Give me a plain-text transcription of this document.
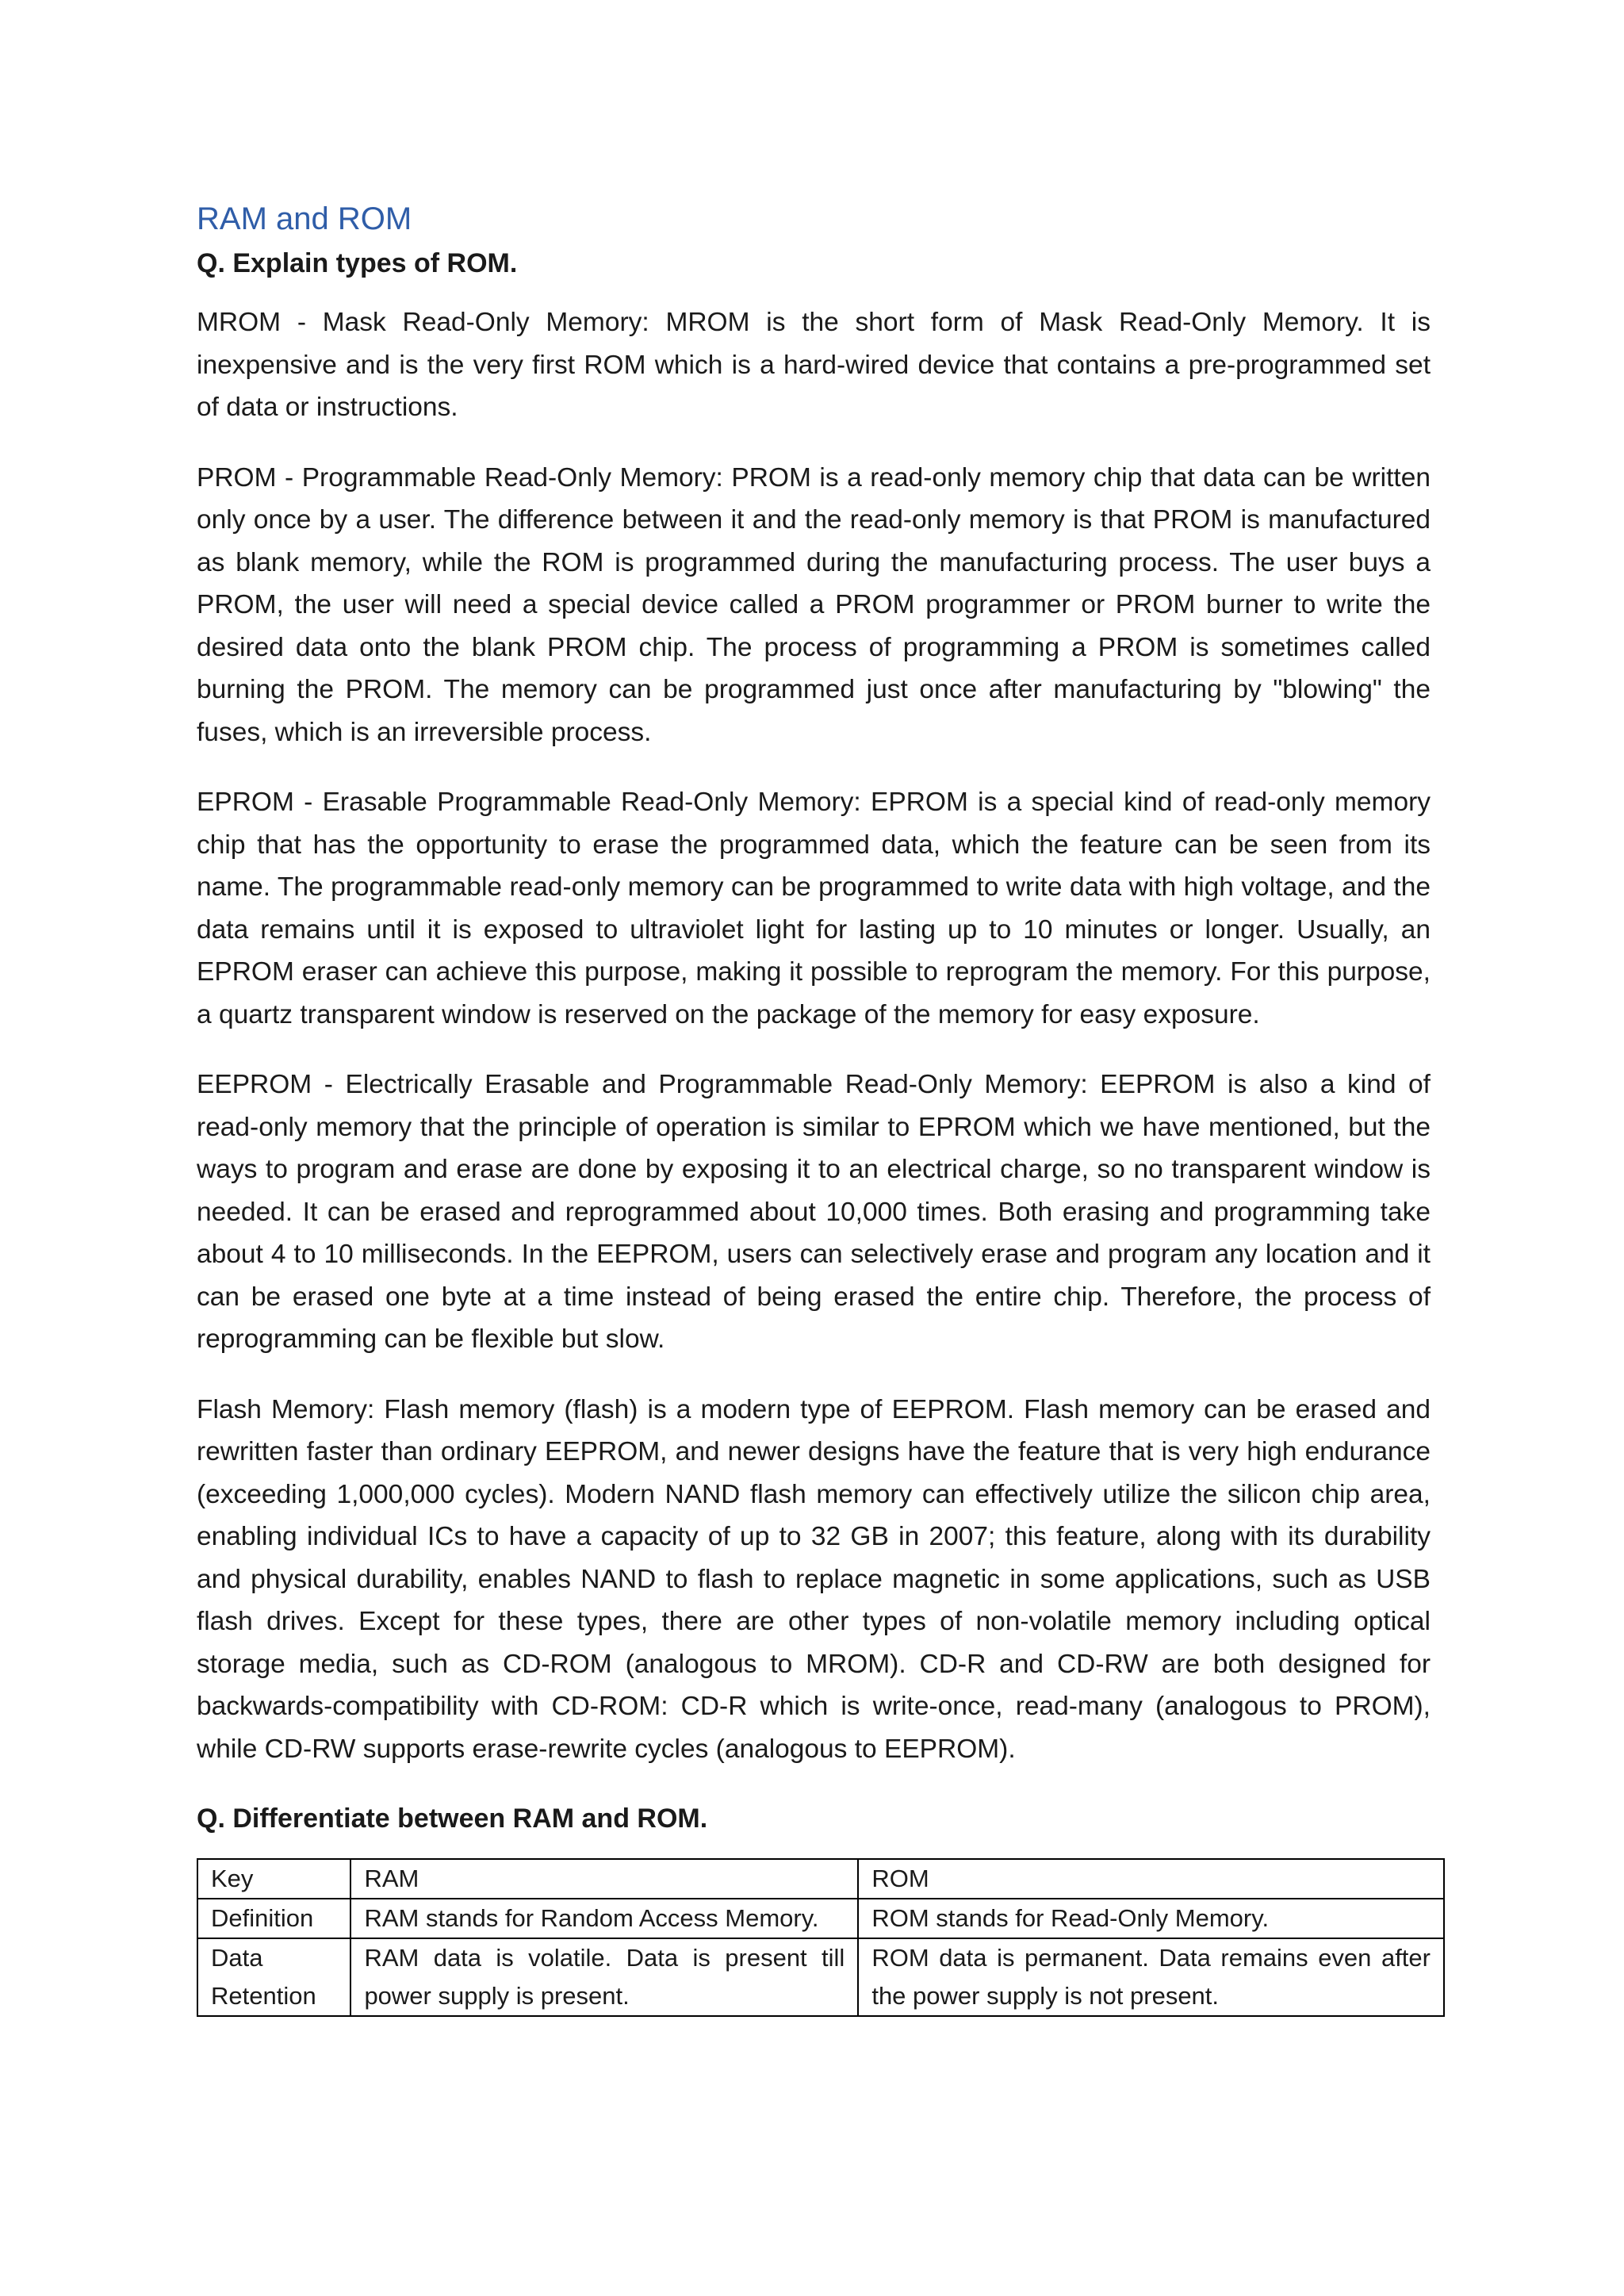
RAM and ROM

Q. Explain types of ROM.

MROM - Mask Read-Only Memory: MROM is the short form of Mask Read-Only Memory. It is inexpensive and is the very first ROM which is a hard-wired device that contains a pre-programmed set of data or instructions.

PROM - Programmable Read-Only Memory: PROM is a read-only memory chip that data can be written only once by a user. The difference between it and the read-only memory is that PROM is manufactured as blank memory, while the ROM is programmed during the manufacturing process. The user buys a PROM, the user will need a special device called a PROM programmer or PROM burner to write the desired data onto the blank PROM chip. The process of programming a PROM is sometimes called burning the PROM. The memory can be programmed just once after manufacturing by "blowing" the fuses, which is an irreversible process.

EPROM - Erasable Programmable Read-Only Memory: EPROM is a special kind of read-only memory chip that has the opportunity to erase the programmed data, which the feature can be seen from its name. The programmable read-only memory can be programmed to write data with high voltage, and the data remains until it is exposed to ultraviolet light for lasting up to 10 minutes or longer. Usually, an EPROM eraser can achieve this purpose, making it possible to reprogram the memory. For this purpose, a quartz transparent window is reserved on the package of the memory for easy exposure.

EEPROM - Electrically Erasable and Programmable Read-Only Memory: EEPROM is also a kind of read-only memory that the principle of operation is similar to EPROM which we have mentioned, but the ways to program and erase are done by exposing it to an electrical charge, so no transparent window is needed. It can be erased and reprogrammed about 10,000 times. Both erasing and programming take about 4 to 10 milliseconds. In the EEPROM, users can selectively erase and program any location and it can be erased one byte at a time instead of being erased the entire chip. Therefore, the process of reprogramming can be flexible but slow.

Flash Memory: Flash memory (flash) is a modern type of EEPROM. Flash memory can be erased and rewritten faster than ordinary EEPROM, and newer designs have the feature that is very high endurance (exceeding 1,000,000 cycles). Modern NAND flash memory can effectively utilize the silicon chip area, enabling individual ICs to have a capacity of up to 32 GB in 2007; this feature, along with its durability and physical durability, enables NAND to flash to replace magnetic in some applications, such as USB flash drives. Except for these types, there are other types of non-volatile memory including optical storage media, such as CD-ROM (analogous to MROM). CD-R and CD-RW are both designed for backwards-compatibility with CD-ROM: CD-R which is write-once, read-many (analogous to PROM), while CD-RW supports erase-rewrite cycles (analogous to EEPROM).

Q. Differentiate between RAM and ROM.

Key	RAM	ROM
Definition	RAM stands for Random Access Memory.	ROM stands for Read-Only Memory.
Data Retention	RAM data is volatile. Data is present till power supply is present.	ROM data is permanent. Data remains even after the power supply is not present.
